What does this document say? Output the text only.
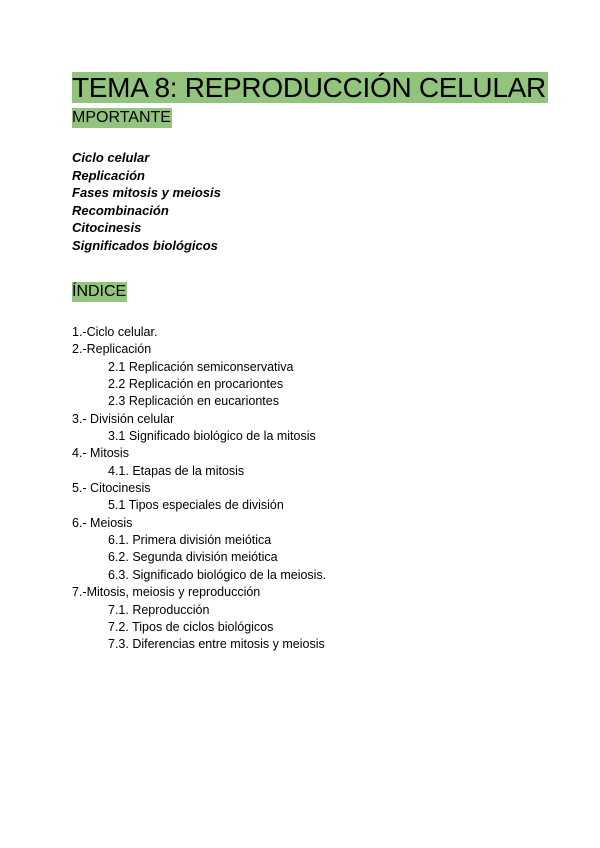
TEMA 8: REPRODUCCIÓN CELULAR
MPORTANTE
Ciclo celular
Replicación
Fases mitosis y meiosis
Recombinación
Citocinesis
Significados biológicos
ÍNDICE
1.-Ciclo celular.
2.-Replicación
2.1 Replicación semiconservativa
2.2 Replicación en procariontes
2.3 Replicación en eucariontes
3.- División celular
3.1 Significado biológico de la mitosis
4.- Mitosis
4.1. Etapas de la mitosis
5.- Citocinesis
5.1 Tipos especiales de división
6.- Meiosis
6.1. Primera división meiótica
6.2. Segunda división meiótica
6.3. Significado biológico de la meiosis.
7.-Mitosis, meiosis y reproducción
7.1. Reproducción
7.2. Tipos de ciclos biológicos
7.3. Diferencias entre mitosis y meiosis
